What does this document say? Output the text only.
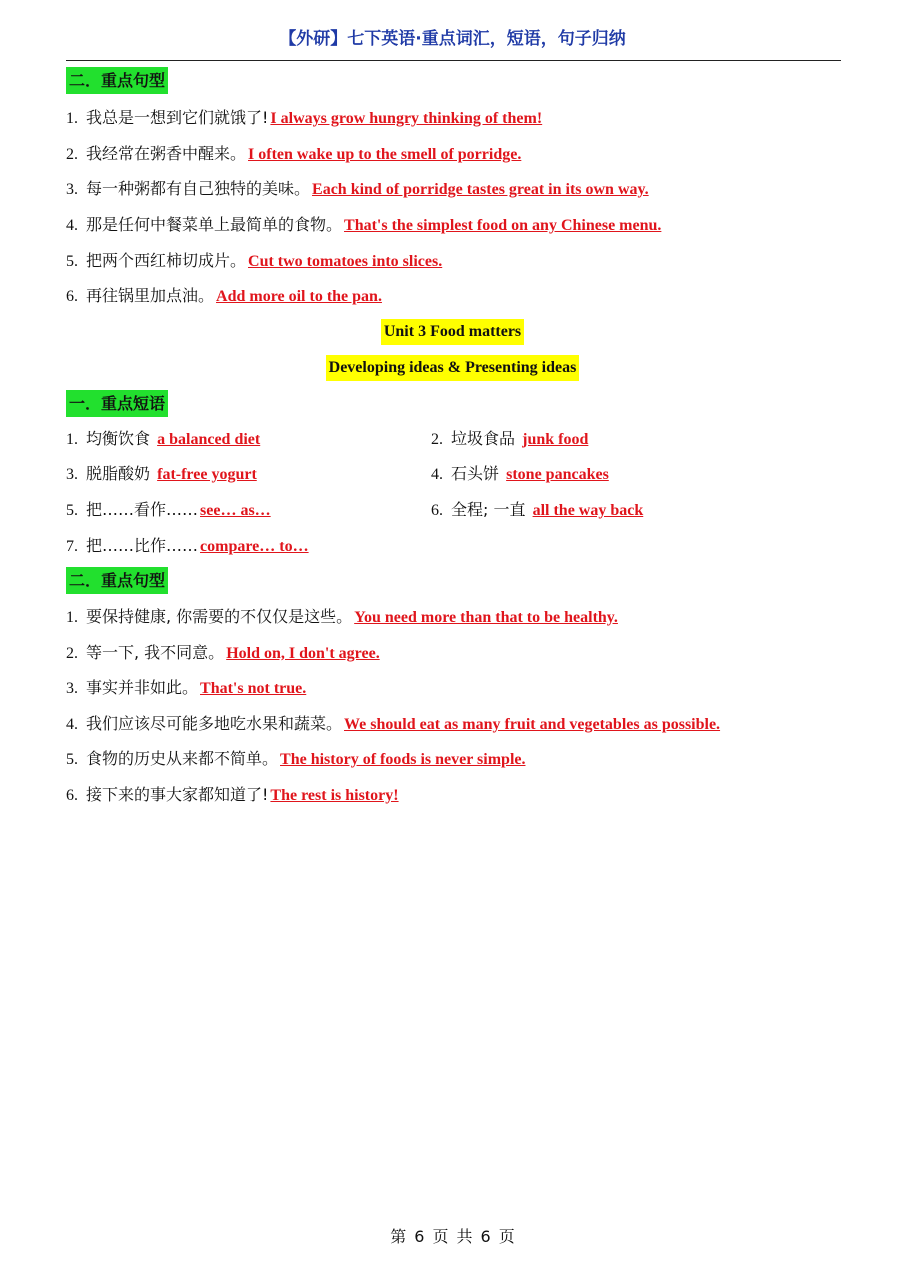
【外研】七下英语·重点词汇，短语，句子归纳
二．重点句型
1. 我总是一想到它们就饿了! I always grow hungry thinking of them!
2. 我经常在粥香中醒来。 I often wake up to the smell of porridge.
3. 每一种粥都有自己独特的美味。 Each kind of porridge tastes great in its own way.
4. 那是任何中餐菜单上最简单的食物。 That's the simplest food on any Chinese menu.
5. 把两个西红柿切成片。 Cut two tomatoes into slices.
6. 再往锅里加点油。 Add more oil to the pan.
Unit 3 Food matters
Developing ideas & Presenting ideas
一．重点短语
1. 均衡饮食 a balanced diet	2. 垃圾食品 junk food
3. 脱脂酸奶 fat-free yogurt	4. 石头饼 stone pancakes
5. 把……看作…… see… as…	6. 全程; 一直 all the way back
7. 把……比作…… compare… to…
二．重点句型
1. 要保持健康, 你需要的不仅仅是这些。 You need more than that to be healthy.
2. 等一下, 我不同意。 Hold on, I don't agree.
3. 事实并非如此。 That's not true.
4. 我们应该尽可能多地吃水果和蔬菜。 We should eat as many fruit and vegetables as possible.
5. 食物的历史从来都不简单。 The history of foods is never simple.
6. 接下来的事大家都知道了! The rest is history!
第 6 页 共 6 页
